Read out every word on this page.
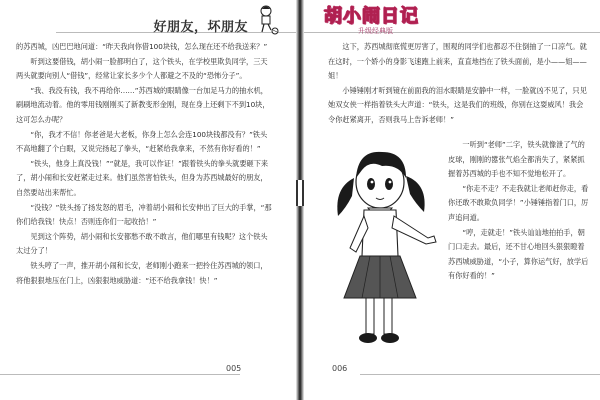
好朋友，坏朋友

的苏西城，凶巴巴地问道：“昨天我向你借100块钱，怎么现在还不给我送来？”

听到这要借钱，胡小闹一脸都明白了，这个铁头，在学校里欺负同学，三天两头就要向别人“借钱”，经常让家长多少个人都避之不及的“恐怖分子”。

“我、我没有钱，我不再给你……”苏西城的眼睛像一台加足马力的抽水机，刷刷地流动着。他的零用钱刚刚买了新教变形金刚，现在身上还剩下不到10块，这可怎么办呢？

“你，我才不信！你老爸是大老板，你身上怎么会连100块钱都没有？”铁头不高地翻了个白眼，又说完扬起了拳头，“赶紧给我拿来，不然有你好看的！”

“铁头，他身上真没钱！”“就是，我可以作证！”跟着铁头的拳头就要砸下来了，胡小闹和长安赶紧走过来。他们虽然害怕铁头，但身为苏西城最好的朋友，自然要站出来帮忙。

“没钱？”铁头扬了扬发怒的眉毛，冲着胡小闹和长安伸出了巨大的手掌，“那你们给我钱！快点！否则连你们一起收拾！”

见到这个阵势，胡小闹和长安都愁不敢不敢言，他们哪里有钱呢？这个铁头太过分了！

铁头哼了一声，推开胡小闹和长安，老师刚小跑来一把拎住苏西城的领口，将他狠狠地压在门上，凶狠狠地威胁道：“还不给我拿钱！快！”

005
胡小闹日记
升级经典版

这下，苏西城彻底慌更厉害了，围观的同学们也都忍不住倒抽了一口凉气。就在这时，一个娇小的身影飞速跑上前来，直直地挡在了铁头面前，是小——姐——姐！

小锤锤刚才听到镜在前面我的泪水眼睛是安静中一样，一脸就凶不见了，只见她双女侠一样指着铁头大声道：“铁头，这是我们的班级，你别在这耍威风！我会令你赶紧离开，否则我马上告诉老师！”

一听到“老师”二字，铁头就像泄了气的皮球，刚刚的嚣张气焰全都消失了，紧紧抓握着苏西城的手也不知不觉地松开了。

“你走不走？不走我就让老师赶你走，看你还敢不敢欺负同学！”小锤锤指着门口，厉声追问道。

“哼，走就走！”铁头讪讪地拍拍手，朝门口走去。最后，还不甘心地回头狠狠瞪着苏西城威胁道，“小子，算你运气好，放学后有你好看的！”

006
